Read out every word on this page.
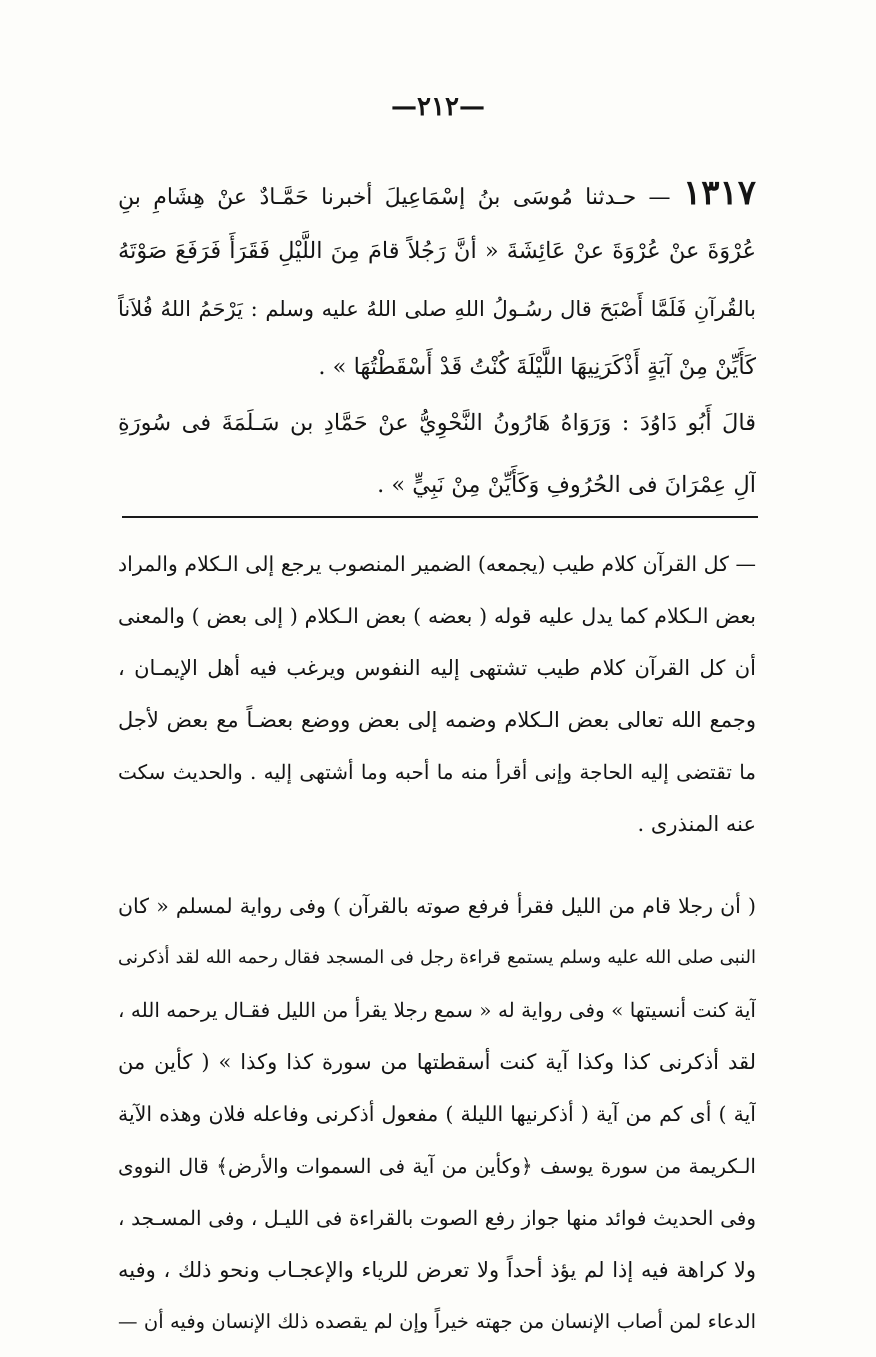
—٢١٢—
١٣١٧ — حـدثنا مُوسَى بنُ إسْمَاعِيلَ أخبرنا حَمَّـادٌ عنْ هِشَامِ بنِ
عُرْوَةَ عنْ عُرْوَةَ عنْ عَائِشَةَ « أنَّ رَجُلاً قامَ مِنَ اللَّيْلِ فَقَرَأَ فَرَفَعَ صَوْتَهُ
بالقُرآنِ فَلَمَّا أَصْبَحَ قال رسُـولُ اللهِ صلى اللهُ عليه وسلم : يَرْحَمُ اللهُ فُلاَناً
كَأَيِّنْ مِنْ آيَةٍ أَذْكَرَنِيهَا اللَّيْلَةَ كُنْتُ قَدْ أَسْقَطْتُهَا » .
قالَ أَبُو دَاوُدَ : وَرَوَاهُ هَارُونُ النَّحْوِيُّ عنْ حَمَّادِ بن سَـلَمَةَ فى سُورَةِ
آلِ عِمْرَانَ فى الحُرُوفِ وَكَأَيِّنْ مِنْ نَبِيٍّ » .
— كل القرآن كلام طيب (يجمعه) الضمير المنصوب يرجع إلى الـكلام والمراد
بعض الـكلام كما يدل عليه قوله ( بعضه ) بعض الـكلام ( إلى بعض ) والمعنى
أن كل القرآن كلام طيب تشتهى إليه النفوس ويرغب فيه أهل الإيمـان ،
وجمع الله تعالى بعض الـكلام وضمه إلى بعض ووضع بعضـاً مع بعض لأجل
ما تقتضى إليه الحاجة وإنى أقرأ منه ما أحبه وما أشتهى إليه . والحديث سكت
عنه المنذرى .
( أن رجلا قام من الليل فقرأ فرفع صوته بالقرآن ) وفى رواية لمسلم « كان
النبى صلى الله عليه وسلم يستمع قراءة رجل فى المسجد فقال رحمه الله لقد أذكرنى
آية كنت أنسيتها » وفى رواية له « سمع رجلا يقرأ من الليل فقـال يرحمه الله ،
لقد أذكرنى كذا وكذا آية كنت أسقطتها من سورة كذا وكذا » ( كأين من
آية ) أى كم من آية ( أذكرنيها الليلة ) مفعول أذكرنى وفاعله فلان وهذه الآية
الـكريمة من سورة يوسف ﴿وكأين من آية فى السموات والأرض﴾ قال النووى
وفى الحديث فوائد منها جواز رفع الصوت بالقراءة فى الليـل ، وفى المسـجد ،
ولا كراهة فيه إذا لم يؤذ أحداً ولا تعرض للرياء والإعجـاب ونحو ذلك ، وفيه
الدعاء لمن أصاب الإنسان من جهته خيراً وإن لم يقصده ذلك الإنسان وفيه أن —
